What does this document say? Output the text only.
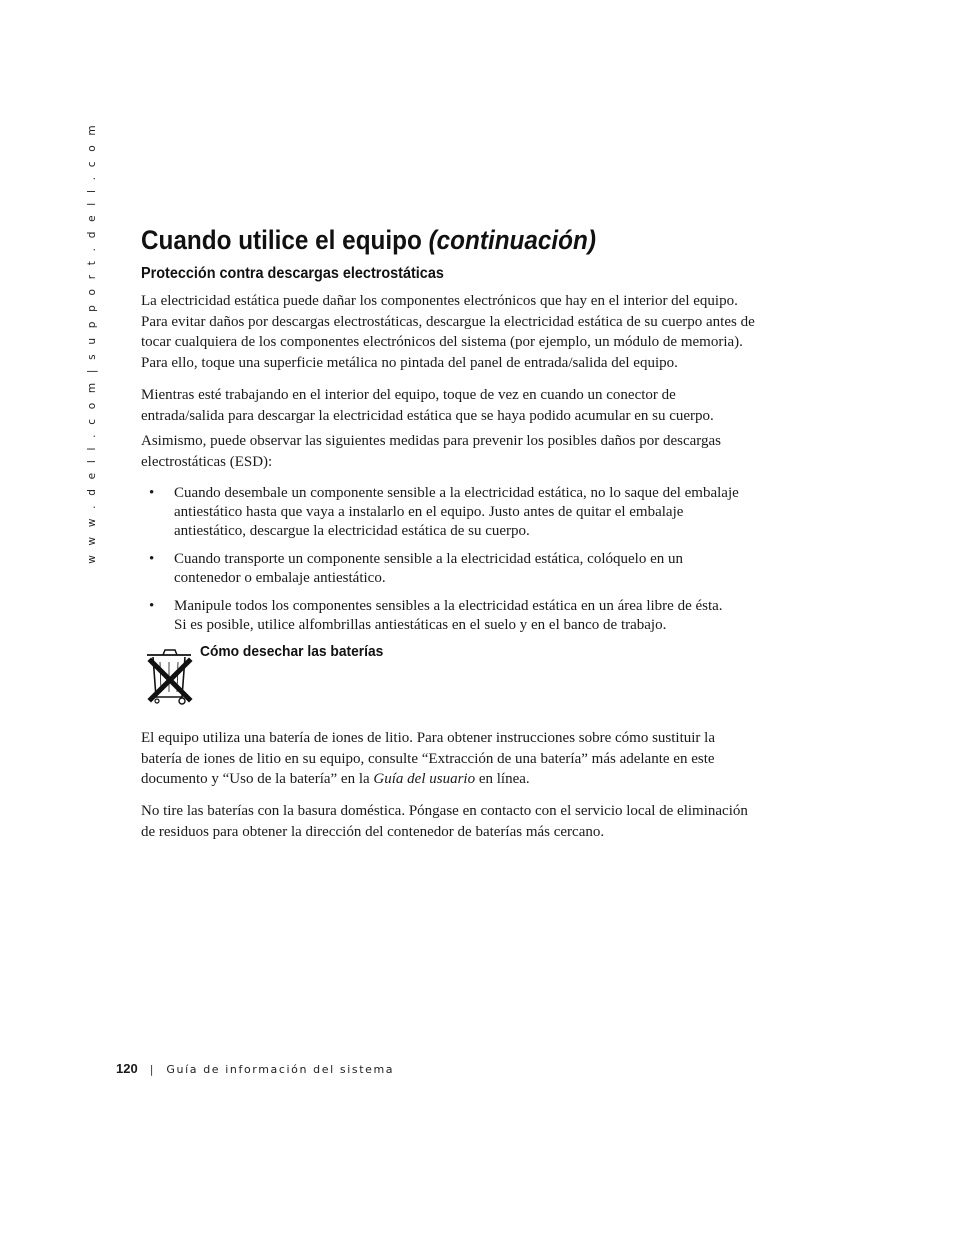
w w w . d e l l . c o m | s u p p o r t . d e l l . c o m Cuando utilice el equipo (continuación)
Protección contra descargas electrostáticas
La electricidad estática puede dañar los componentes electrónicos que hay en el interior del equipo.
Para evitar daños por descargas electrostáticas, descargue la electricidad estática de su cuerpo antes de
tocar cualquiera de los componentes electrónicos del sistema (por ejemplo, un módulo de memoria).
Para ello, toque una superficie metálica no pintada del panel de entrada/salida del equipo.
Mientras esté trabajando en el interior del equipo, toque de vez en cuando un conector de
entrada/salida para descargar la electricidad estática que se haya podido acumular en su cuerpo.
Asimismo, puede observar las siguientes medidas para prevenir los posibles daños por descargas
electrostáticas (ESD):
• Cuando desembale un componente sensible a la electricidad estática, no lo saque del embalaje
antiestático hasta que vaya a instalarlo en el equipo. Justo antes de quitar el embalaje
antiestático, descargue la electricidad estática de su cuerpo.
• Cuando transporte un componente sensible a la electricidad estática, colóquelo en un
contenedor o embalaje antiestático.
• Manipule todos los componentes sensibles a la electricidad estática en un área libre de ésta.
Si es posible, utilice alfombrillas antiestáticas en el suelo y en el banco de trabajo.
Cómo desechar las baterías
El equipo utiliza una batería de iones de litio. Para obtener instrucciones sobre cómo sustituir la
batería de iones de litio en su equipo, consulte “Extracción de una batería” más adelante en este
documento y “Uso de la batería” en la Guía del usuario en línea.
No tire las baterías con la basura doméstica. Póngase en contacto con el servicio local de eliminación
de residuos para obtener la dirección del contenedor de baterías más cercano.
120 | Guía de información del sistema
